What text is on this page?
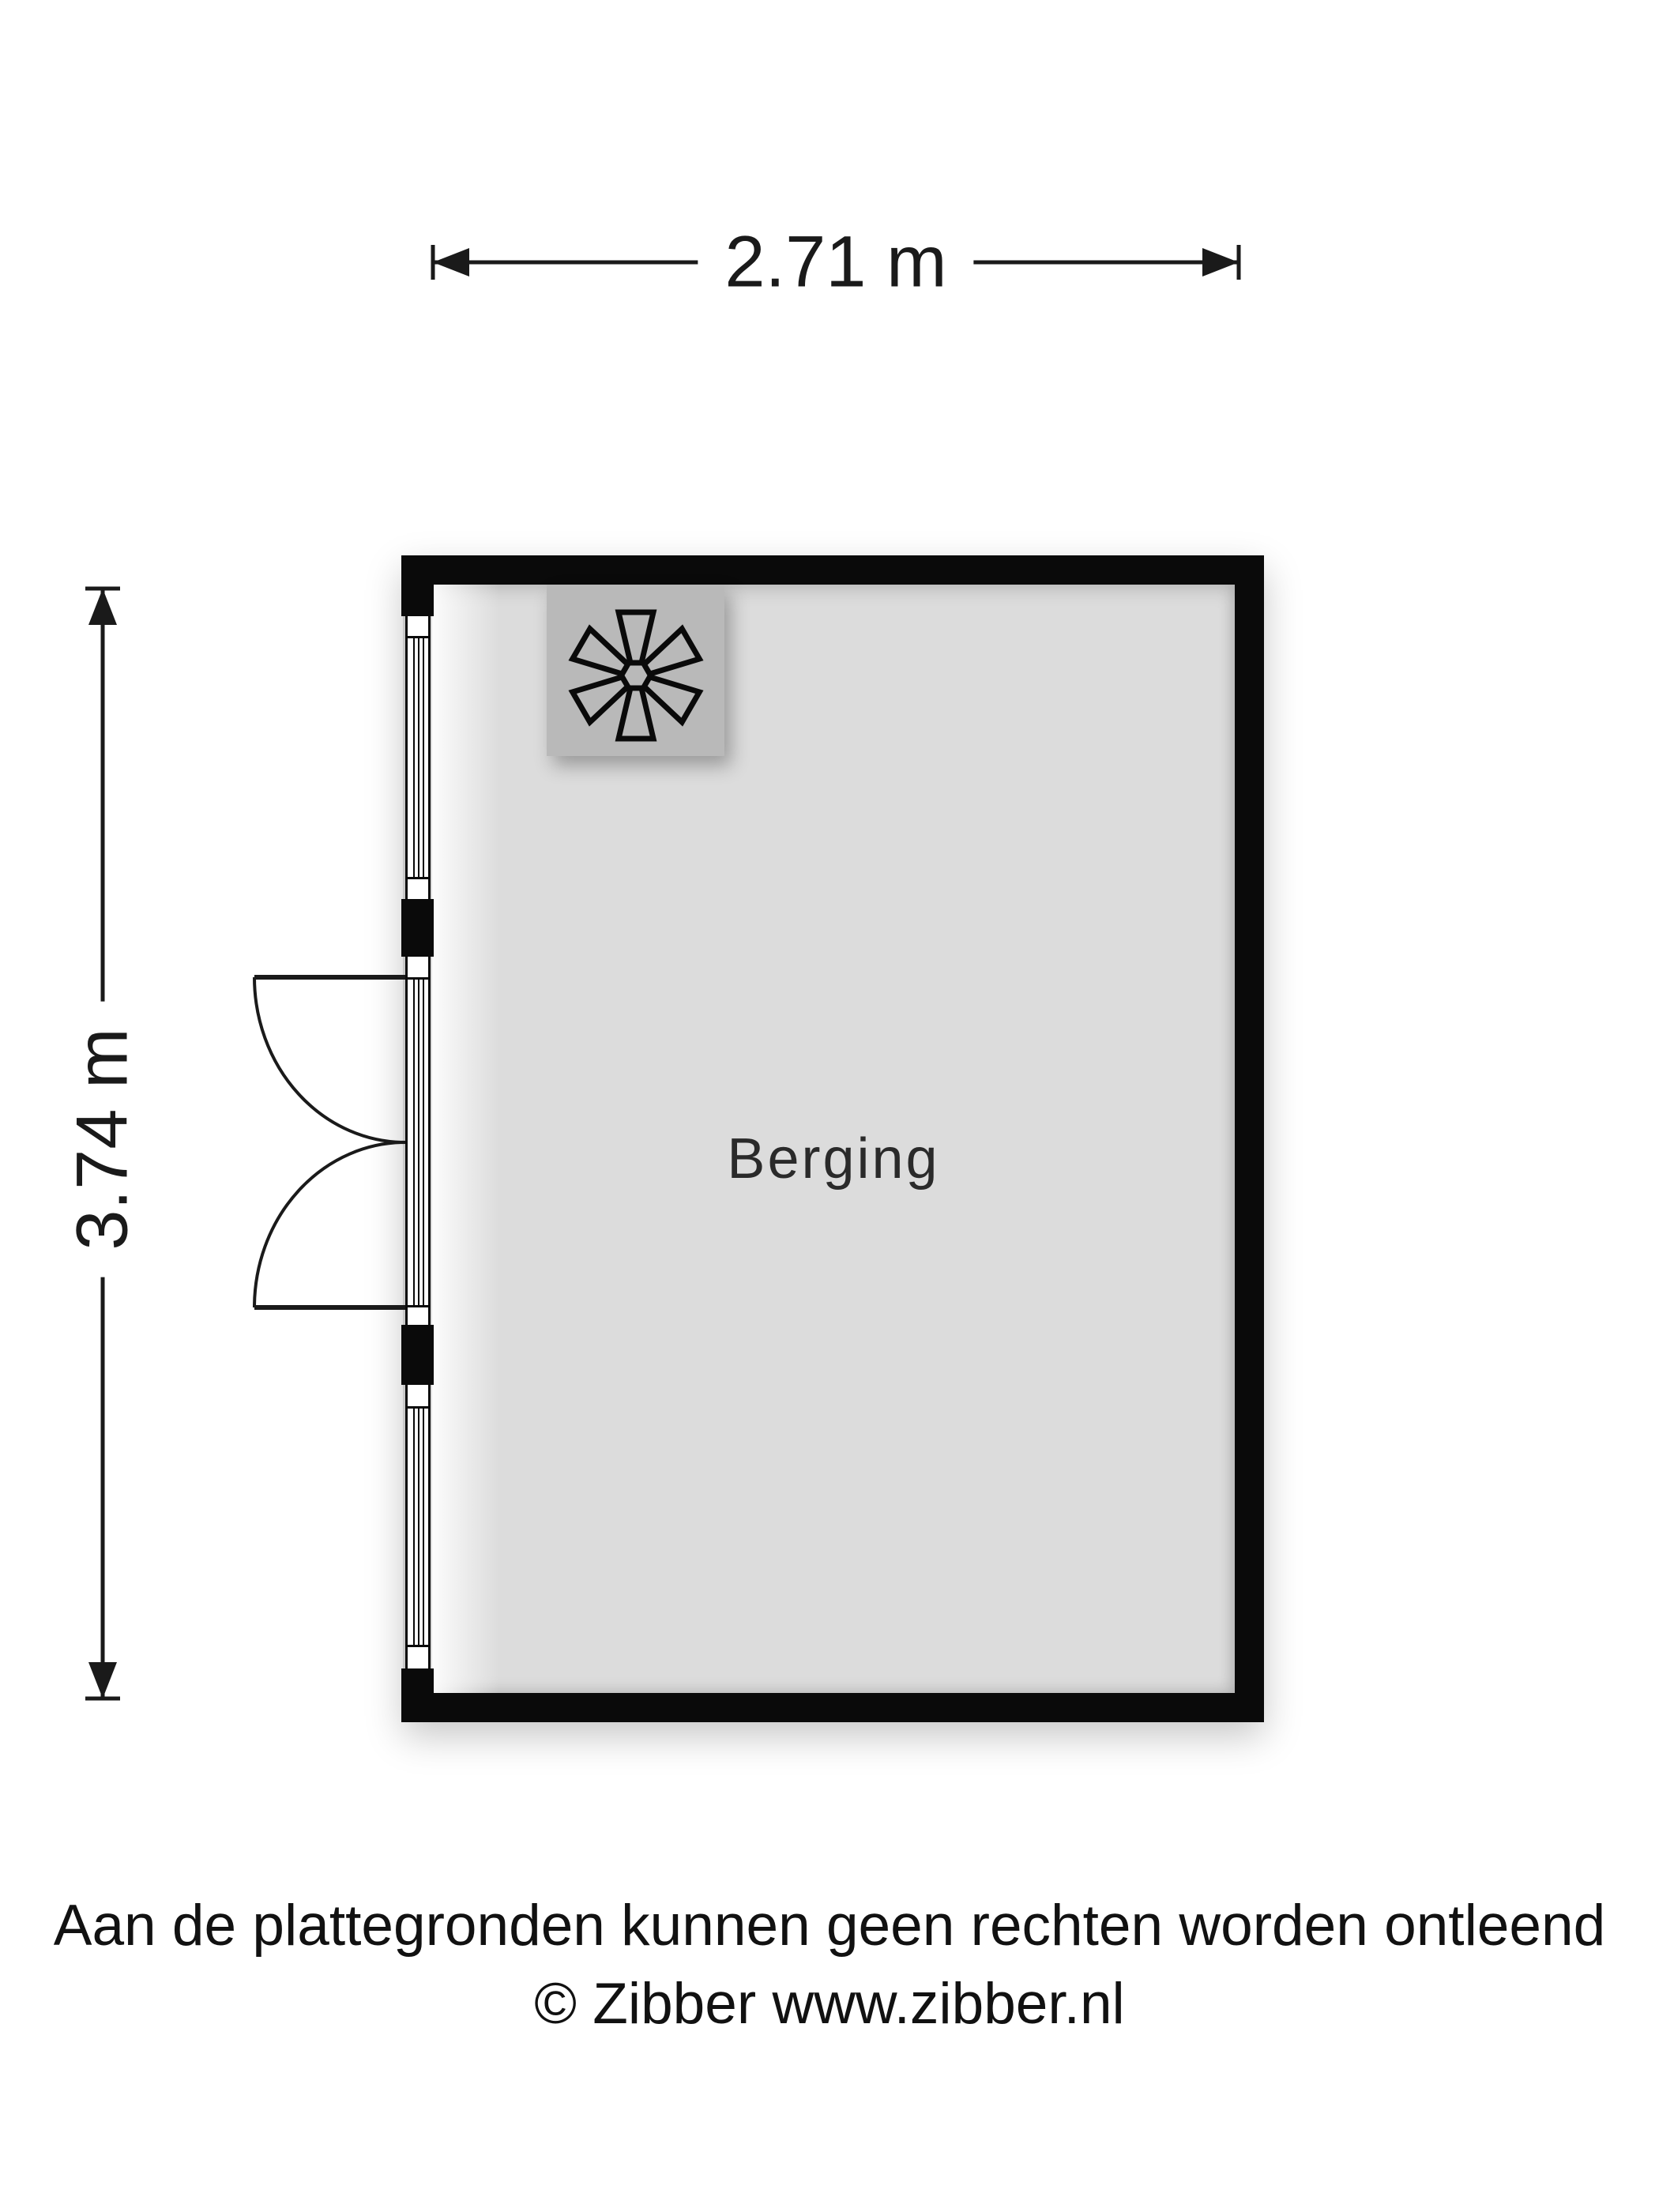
2.71 m
3.74 m	Berging
Aan de plattegronden kunnen geen rechten worden ontleend
© Zibber www.zibber.nl
